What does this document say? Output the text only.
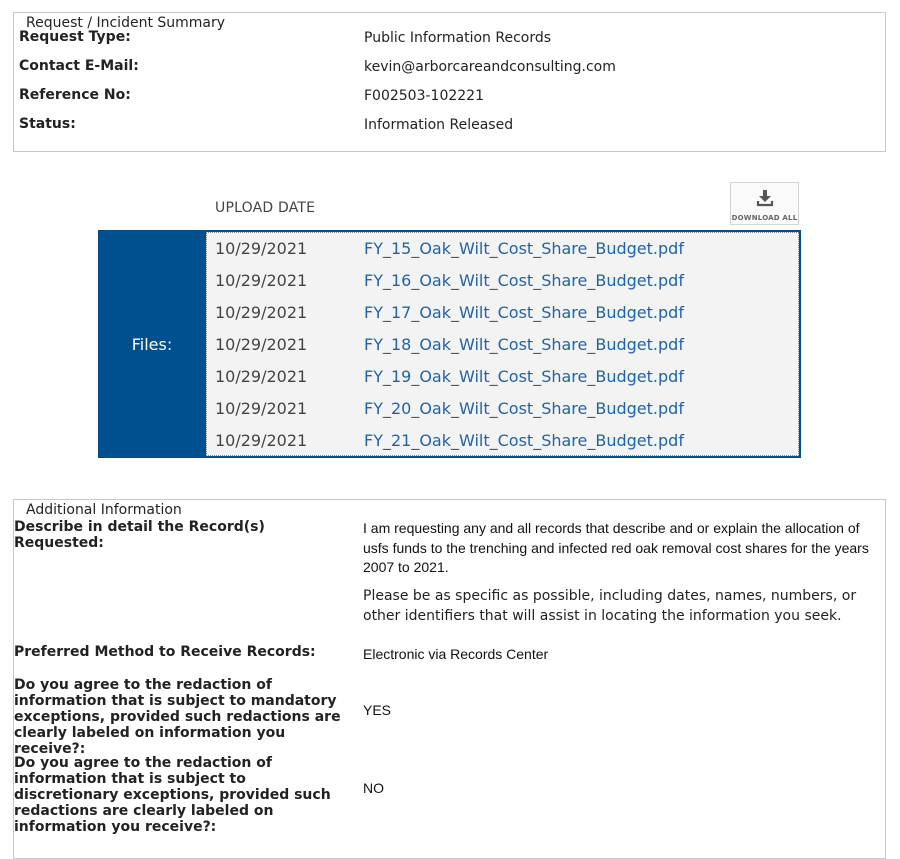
Request / Incident Summary
Request Type:	Public Information Records
Contact E-Mail:	kevin@arborcareandconsulting.com
Reference No:	F002503-102221
Status:	Information Released
UPLOAD DATE
DOWNLOAD ALL
Files:
10/29/2021	FY_15_Oak_Wilt_Cost_Share_Budget.pdf
10/29/2021	FY_16_Oak_Wilt_Cost_Share_Budget.pdf
10/29/2021	FY_17_Oak_Wilt_Cost_Share_Budget.pdf
10/29/2021	FY_18_Oak_Wilt_Cost_Share_Budget.pdf
10/29/2021	FY_19_Oak_Wilt_Cost_Share_Budget.pdf
10/29/2021	FY_20_Oak_Wilt_Cost_Share_Budget.pdf
10/29/2021	FY_21_Oak_Wilt_Cost_Share_Budget.pdf
Additional Information
Describe in detail the Record(s) Requested:
I am requesting any and all records that describe and or explain the allocation of usfs funds to the trenching and infected red oak removal cost shares for the years 2007 to 2021.
Please be as specific as possible, including dates, names, numbers, or other identifiers that will assist in locating the information you seek.
Preferred Method to Receive Records:	Electronic via Records Center
Do you agree to the redaction of information that is subject to mandatory exceptions, provided such redactions are clearly labeled on information you receive?:
YES
Do you agree to the redaction of information that is subject to discretionary exceptions, provided such redactions are clearly labeled on information you receive?:
NO
